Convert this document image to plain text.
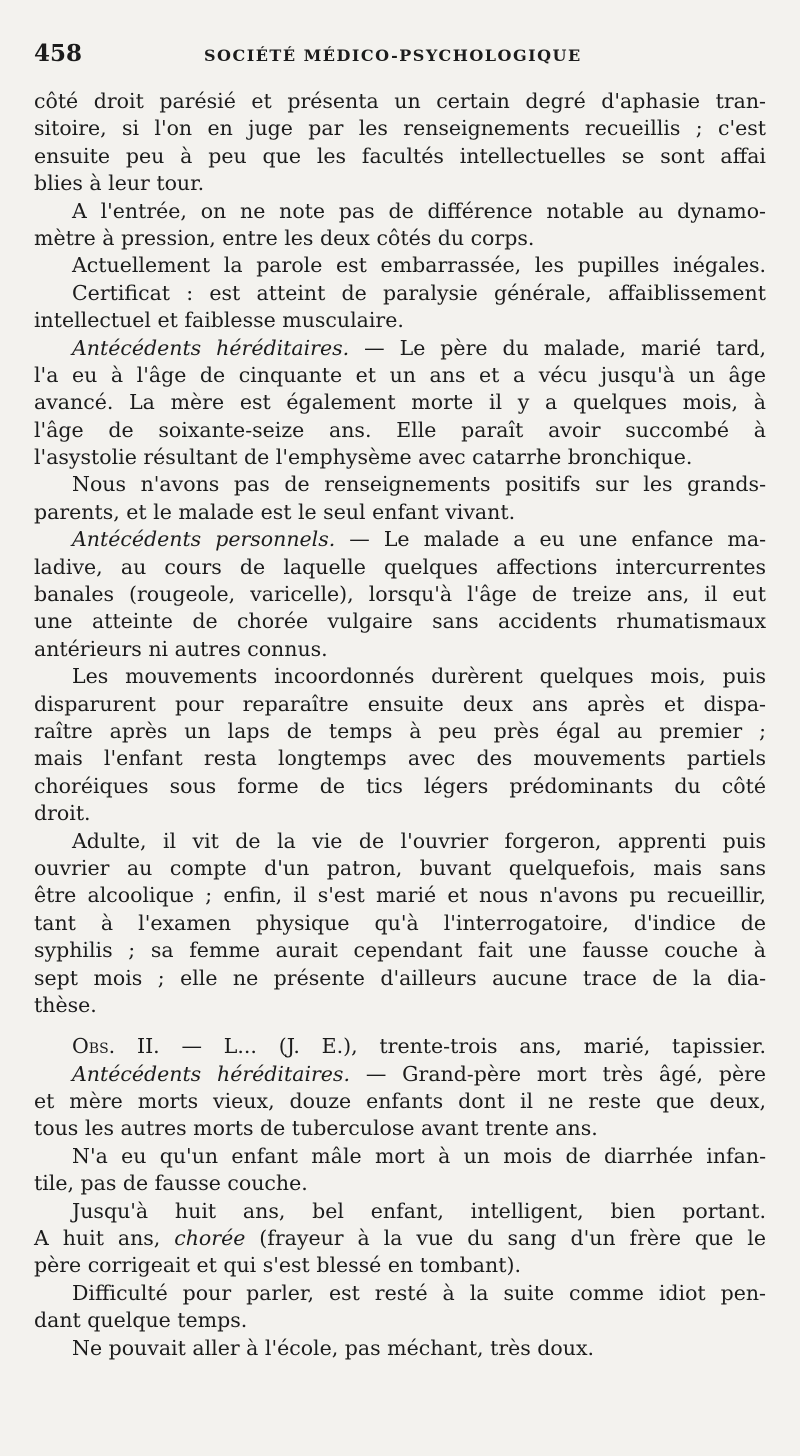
458	SOCIÉTÉ MÉDICO-PSYCHOLOGIQUE
côté droit parésié et présenta un certain degré d'aphasie tran-
sitoire, si l'on en juge par les renseignements recueillis ; c'est
ensuite peu à peu que les facultés intellectuelles se sont affai
blies à leur tour.
A l'entrée, on ne note pas de différence notable au dynamo-
mètre à pression, entre les deux côtés du corps.
Actuellement la parole est embarrassée, les pupilles inégales.
Certificat : est atteint de paralysie générale, affaiblissement
intellectuel et faiblesse musculaire.
Antécédents héréditaires. — Le père du malade, marié tard,
l'a eu à l'âge de cinquante et un ans et a vécu jusqu'à un âge
avancé. La mère est également morte il y a quelques mois, à
l'âge de soixante-seize ans. Elle paraît avoir succombé à
l'asystolie résultant de l'emphysème avec catarrhe bronchique.
Nous n'avons pas de renseignements positifs sur les grands-
parents, et le malade est le seul enfant vivant.
Antécédents personnels. — Le malade a eu une enfance ma-
ladive, au cours de laquelle quelques affections intercurrentes
banales (rougeole, varicelle), lorsqu'à l'âge de treize ans, il eut
une atteinte de chorée vulgaire sans accidents rhumatismaux
antérieurs ni autres connus.
Les mouvements incoordonnés durèrent quelques mois, puis
disparurent pour reparaître ensuite deux ans après et dispa-
raître après un laps de temps à peu près égal au premier ;
mais l'enfant resta longtemps avec des mouvements partiels
choréiques sous forme de tics légers prédominants du côté
droit.
Adulte, il vit de la vie de l'ouvrier forgeron, apprenti puis
ouvrier au compte d'un patron, buvant quelquefois, mais sans
être alcoolique ; enfin, il s'est marié et nous n'avons pu recueillir,
tant à l'examen physique qu'à l'interrogatoire, d'indice de
syphilis ; sa femme aurait cependant fait une fausse couche à
sept mois ; elle ne présente d'ailleurs aucune trace de la dia-
thèse.
Obs. II. — L... (J. E.), trente-trois ans, marié, tapissier.
Antécédents héréditaires. — Grand-père mort très âgé, père
et mère morts vieux, douze enfants dont il ne reste que deux,
tous les autres morts de tuberculose avant trente ans.
N'a eu qu'un enfant mâle mort à un mois de diarrhée infan-
tile, pas de fausse couche.
Jusqu'à huit ans, bel enfant, intelligent, bien portant.
A huit ans, chorée (frayeur à la vue du sang d'un frère que le
père corrigeait et qui s'est blessé en tombant).
Difficulté pour parler, est resté à la suite comme idiot pen-
dant quelque temps.
Ne pouvait aller à l'école, pas méchant, très doux.
